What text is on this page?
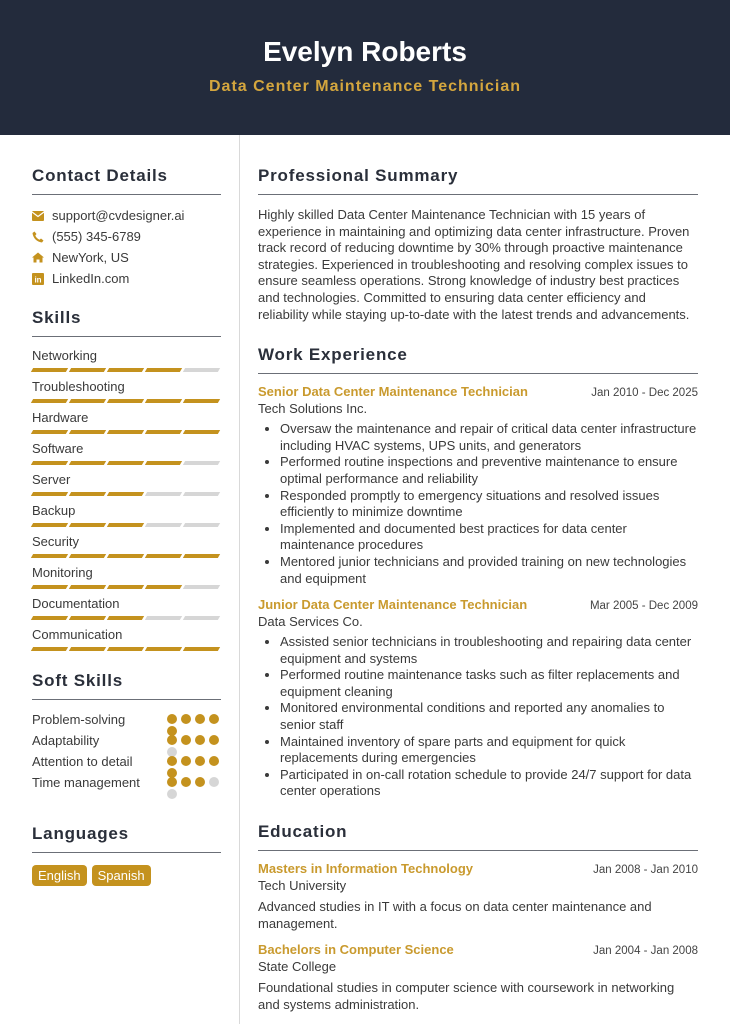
Evelyn Roberts
Data Center Maintenance Technician
Contact Details
support@cvdesigner.ai
(555) 345-6789
NewYork, US
in LinkedIn.com
Skills
Networking
Troubleshooting
Hardware
Software
Server
Backup
Security
Monitoring
Documentation
Communication
Soft Skills
Problem-solving
Adaptability
Attention to detail
Time management
Languages
English	Spanish
Professional Summary
Highly skilled Data Center Maintenance Technician with 15 years of experience in maintaining and optimizing data center infrastructure. Proven track record of reducing downtime by 30% through proactive maintenance strategies. Experienced in troubleshooting and resolving complex issues to ensure seamless operations. Strong knowledge of industry best practices and technologies. Committed to ensuring data center efficiency and reliability while staying up-to-date with the latest trends and advancements.
Work Experience
Senior Data Center Maintenance Technician	Jan 2010 - Dec 2025
Tech Solutions Inc.
• Oversaw the maintenance and repair of critical data center infrastructure including HVAC systems, UPS units, and generators
• Performed routine inspections and preventive maintenance to ensure optimal performance and reliability
• Responded promptly to emergency situations and resolved issues efficiently to minimize downtime
• Implemented and documented best practices for data center maintenance procedures
• Mentored junior technicians and provided training on new technologies and equipment
Junior Data Center Maintenance Technician	Mar 2005 - Dec 2009
Data Services Co.
• Assisted senior technicians in troubleshooting and repairing data center equipment and systems
• Performed routine maintenance tasks such as filter replacements and equipment cleaning
• Monitored environmental conditions and reported any anomalies to senior staff
• Maintained inventory of spare parts and equipment for quick replacements during emergencies
• Participated in on-call rotation schedule to provide 24/7 support for data center operations
Education
Masters in Information Technology	Jan 2008 - Jan 2010
Tech University
Advanced studies in IT with a focus on data center maintenance and management.
Bachelors in Computer Science	Jan 2004 - Jan 2008
State College
Foundational studies in computer science with coursework in networking and systems administration.
